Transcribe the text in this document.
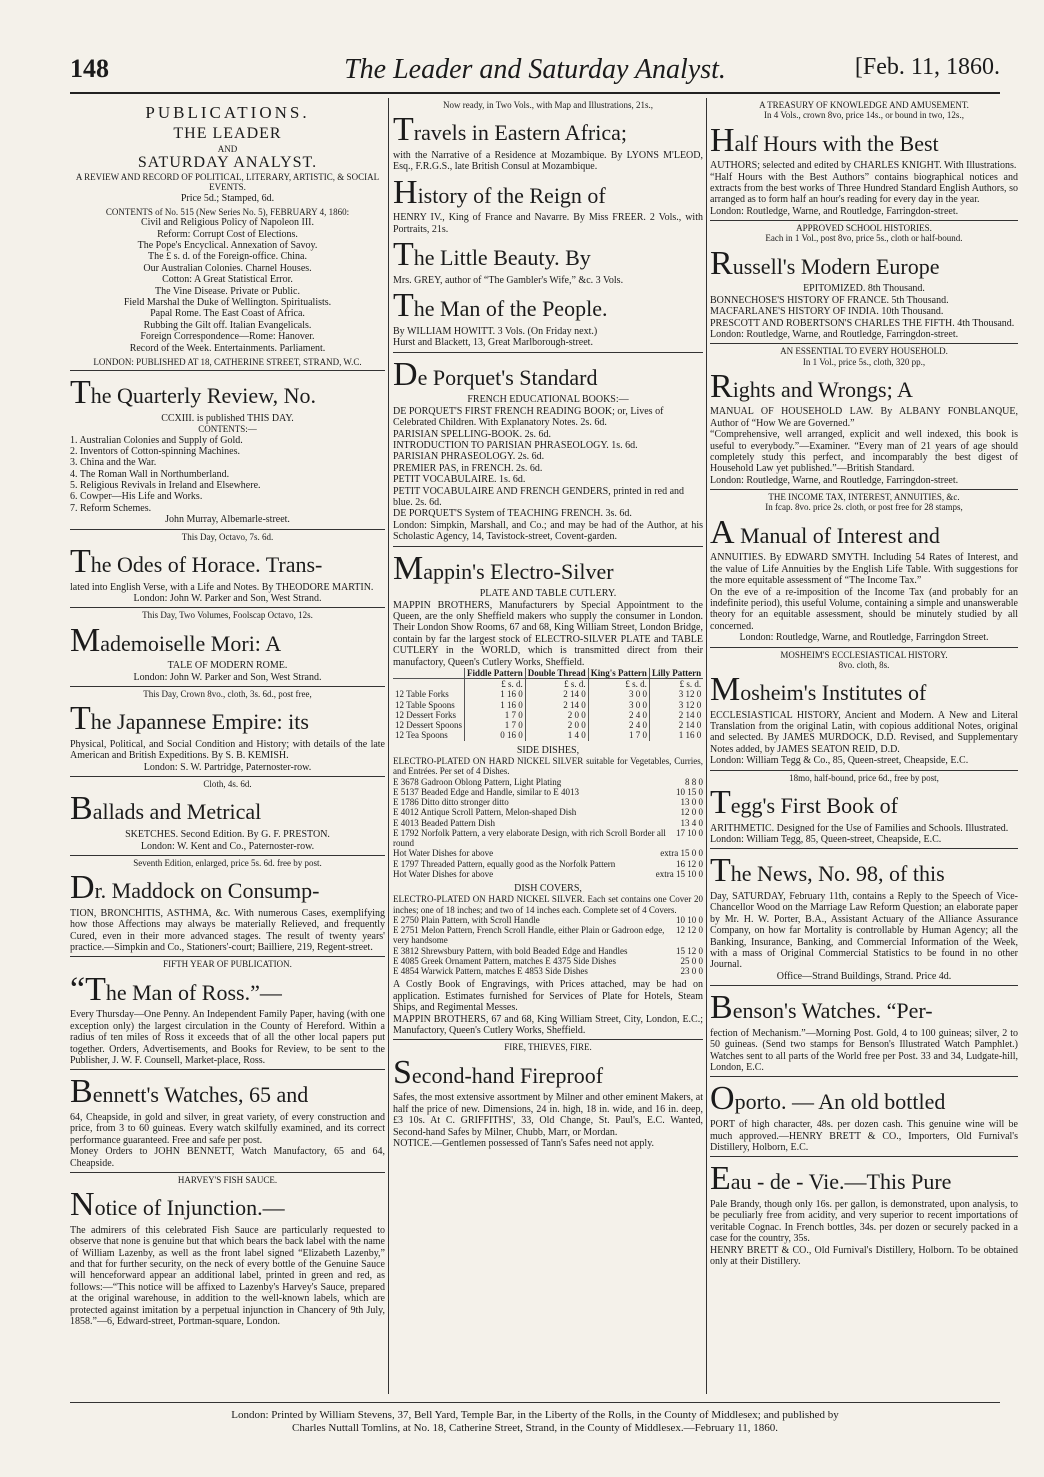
148	The Leader and Saturday Analyst.	[Feb. 11, 1860.
PUBLICATIONS.
THE LEADER
AND
SATURDAY ANALYST.
A REVIEW AND RECORD OF POLITICAL, LITERARY, ARTISTIC, & SOCIAL EVENTS.
Price 5d.; Stamped, 6d.
CONTENTS of No. 515 (New Series No. 5), FEBRUARY 4, 1860:
Civil and Religious Policy of Napoleon III.
Reform: Corrupt Cost of Elections.
The Pope's Encyclical. Annexation of Savoy.
The £ s. d. of the Foreign-office. China.
Our Australian Colonies. Charnel Houses.
Cotton: A Great Statistical Error.
The Vine Disease. Private or Public.
Field Marshal the Duke of Wellington. Spiritualists.
Papal Rome. The East Coast of Africa.
Rubbing the Gilt off. Italian Evangelicals.
Foreign Correspondence—Rome: Hanover.
Record of the Week. Entertainments. Parliament.
LONDON: PUBLISHED AT 18, CATHERINE STREET, STRAND, W.C.
The Quarterly Review, No.
CCXIII. is published THIS DAY.
CONTENTS:—
1. Australian Colonies and Supply of Gold.
2. Inventors of Cotton-spinning Machines.
3. China and the War.
4. The Roman Wall in Northumberland.
5. Religious Revivals in Ireland and Elsewhere.
6. Cowper—His Life and Works.
7. Reform Schemes.
John Murray, Albemarle-street.
This Day, Octavo, 7s. 6d.
The Odes of Horace. Trans-
lated into English Verse, with a Life and Notes. By THEODORE MARTIN.
London: John W. Parker and Son, West Strand.
This Day, Two Volumes, Foolscap Octavo, 12s.
Mademoiselle Mori: A
TALE OF MODERN ROME.
London: John W. Parker and Son, West Strand.
This Day, Crown 8vo., cloth, 3s. 6d., post free,
The Japannese Empire: its
Physical, Political, and Social Condition and History; with details of the late American and British Expeditions. By S. B. KEMISH.
London: S. W. Partridge, Paternoster-row.
Cloth, 4s. 6d.
Ballads and Metrical
SKETCHES. Second Edition. By G. F. PRESTON.
London: W. Kent and Co., Paternoster-row.
Seventh Edition, enlarged, price 5s. 6d. free by post.
Dr. Maddock on Consump-
TION, BRONCHITIS, ASTHMA, &c. With numerous Cases, exemplifying how those Affections may always be materially Relieved, and frequently Cured, even in their more advanced stages. The result of twenty years' practice.—Simpkin and Co., Stationers'-court; Bailliere, 219, Regent-street.
FIFTH YEAR OF PUBLICATION.
“The Man of Ross.”—
Every Thursday—One Penny. An Independent Family Paper, having (with one exception only) the largest circulation in the County of Hereford. Within a radius of ten miles of Ross it exceeds that of all the other local papers put together. Orders, Advertisements, and Books for Review, to be sent to the Publisher, J. W. F. Counsell, Market-place, Ross.
Bennett's Watches, 65 and
64, Cheapside, in gold and silver, in great variety, of every construction and price, from 3 to 60 guineas. Every watch skilfully examined, and its correct performance guaranteed. Free and safe per post.
Money Orders to JOHN BENNETT, Watch Manufactory, 65 and 64, Cheapside.
HARVEY'S FISH SAUCE.
Notice of Injunction.—
The admirers of this celebrated Fish Sauce are particularly requested to observe that none is genuine but that which bears the back label with the name of William Lazenby, as well as the front label signed “Elizabeth Lazenby,” and that for further security, on the neck of every bottle of the Genuine Sauce will henceforward appear an additional label, printed in green and red, as follows:—“This notice will be affixed to Lazenby's Harvey's Sauce, prepared at the original warehouse, in addition to the well-known labels, which are protected against imitation by a perpetual injunction in Chancery of 9th July, 1858.”—6, Edward-street, Portman-square, London.
Now ready, in Two Vols., with Map and Illustrations, 21s.,
Travels in Eastern Africa;
with the Narrative of a Residence at Mozambique. By LYONS M'LEOD, Esq., F.R.G.S., late British Consul at Mozambique.
History of the Reign of
HENRY IV., King of France and Navarre. By Miss FREER. 2 Vols., with Portraits, 21s.
The Little Beauty. By
Mrs. GREY, author of “The Gambler's Wife,” &c. 3 Vols.
The Man of the People.
By WILLIAM HOWITT. 3 Vols. (On Friday next.)
Hurst and Blackett, 13, Great Marlborough-street.
De Porquet's Standard
FRENCH EDUCATIONAL BOOKS:—
DE PORQUET'S FIRST FRENCH READING BOOK; or, Lives of Celebrated Children. With Explanatory Notes. 2s. 6d.
PARISIAN SPELLING-BOOK. 2s. 6d.
INTRODUCTION TO PARISIAN PHRASEOLOGY. 1s. 6d.
PARISIAN PHRASEOLOGY. 2s. 6d.
PREMIER PAS, in FRENCH. 2s. 6d.
PETIT VOCABULAIRE. 1s. 6d.
PETIT VOCABULAIRE AND FRENCH GENDERS, printed in red and blue. 2s. 6d.
DE PORQUET'S System of TEACHING FRENCH. 3s. 6d.
London: Simpkin, Marshall, and Co.; and may be had of the Author, at his Scholastic Agency, 14, Tavistock-street, Covent-garden.
Mappin's Electro-Silver
PLATE AND TABLE CUTLERY.
MAPPIN BROTHERS, Manufacturers by Special Appointment to the Queen, are the only Sheffield makers who supply the consumer in London. Their London Show Rooms, 67 and 68, King William Street, London Bridge, contain by far the largest stock of ELECTRO-SILVER PLATE and TABLE CUTLERY in the WORLD, which is transmitted direct from their manufactory, Queen's Cutlery Works, Sheffield.
	Fiddle Pattern	Double Thread	King's Pattern	Lilly Pattern
	£ s. d.	£ s. d.	£ s. d.	£ s. d.
12 Table Forks	1 16 0	2 14 0	3 0 0	3 12 0
12 Table Spoons	1 16 0	2 14 0	3 0 0	3 12 0
12 Dessert Forks	1 7 0	2 0 0	2 4 0	2 14 0
12 Dessert Spoons	1 7 0	2 0 0	2 4 0	2 14 0
12 Tea Spoons	0 16 0	1 4 0	1 7 0	1 16 0
SIDE DISHES,
ELECTRO-PLATED ON HARD NICKEL SILVER suitable for Vegetables, Curries, and Entrées. Per set of 4 Dishes.
E 3678 Gadroon Oblong Pattern, Light Plating	8 8 0
E 5137 Beaded Edge and Handle, similar to E 4013	10 15 0
E 1786 Ditto ditto stronger ditto	13 0 0
E 4012 Antique Scroll Pattern, Melon-shaped Dish	12 0 0
E 4013 Beaded Pattern Dish	13 4 0
E 1792 Norfolk Pattern, a very elaborate Design, with rich Scroll Border all round
17 10 0
Hot Water Dishes for above	extra 15 0 0
E 1797 Threaded Pattern, equally good as the Norfolk Pattern	16 12 0
Hot Water Dishes for above	extra 15 10 0
DISH COVERS,
ELECTRO-PLATED ON HARD NICKEL SILVER. Each set contains one Cover 20 inches; one of 18 inches; and two of 14 inches each. Complete set of 4 Covers.
E 2750 Plain Pattern, with Scroll Handle	10 10 0
E 2751 Melon Pattern, French Scroll Handle, either Plain or Gadroon edge, very handsome
12 12 0
E 3812 Shrewsbury Pattern, with bold Beaded Edge and Handles	15 12 0
E 4085 Greek Ornament Pattern, matches E 4375 Side Dishes	25 0 0
E 4854 Warwick Pattern, matches E 4853 Side Dishes	23 0 0
A Costly Book of Engravings, with Prices attached, may be had on application. Estimates furnished for Services of Plate for Hotels, Steam Ships, and Regimental Messes.
MAPPIN BROTHERS, 67 and 68, King William Street, City, London, E.C.; Manufactory, Queen's Cutlery Works, Sheffield.
FIRE, THIEVES, FIRE.
Second-hand Fireproof
Safes, the most extensive assortment by Milner and other eminent Makers, at half the price of new. Dimensions, 24 in. high, 18 in. wide, and 16 in. deep, £3 10s. At C. GRIFFITHS', 33, Old Change, St. Paul's, E.C. Wanted, Second-hand Safes by Milner, Chubb, Marr, or Mordan.
NOTICE.—Gentlemen possessed of Tann's Safes need not apply.
A TREASURY OF KNOWLEDGE AND AMUSEMENT.
In 4 Vols., crown 8vo, price 14s., or bound in two, 12s.,
Half Hours with the Best
AUTHORS; selected and edited by CHARLES KNIGHT. With Illustrations.
“Half Hours with the Best Authors” contains biographical notices and extracts from the best works of Three Hundred Standard English Authors, so arranged as to form half an hour's reading for every day in the year.
London: Routledge, Warne, and Routledge, Farringdon-street.
APPROVED SCHOOL HISTORIES.
Each in 1 Vol., post 8vo, price 5s., cloth or half-bound.
Russell's Modern Europe
EPITOMIZED. 8th Thousand.
BONNECHOSE'S HISTORY OF FRANCE. 5th Thousand.
MACFARLANE'S HISTORY OF INDIA. 10th Thousand.
PRESCOTT AND ROBERTSON'S CHARLES THE FIFTH. 4th Thousand.
London: Routledge, Warne, and Routledge, Farringdon-street.
AN ESSENTIAL TO EVERY HOUSEHOLD.
In 1 Vol., price 5s., cloth, 320 pp.,
Rights and Wrongs; A
MANUAL OF HOUSEHOLD LAW. By ALBANY FONBLANQUE, Author of “How We are Governed.”
“Comprehensive, well arranged, explicit and well indexed, this book is useful to everybody.”—Examiner. “Every man of 21 years of age should completely study this perfect, and incomparably the best digest of Household Law yet published.”—British Standard.
London: Routledge, Warne, and Routledge, Farringdon-street.
THE INCOME TAX, INTEREST, ANNUITIES, &c.
In fcap. 8vo. price 2s. cloth, or post free for 28 stamps,
A Manual of Interest and
ANNUITIES. By EDWARD SMYTH. Including 54 Rates of Interest, and the value of Life Annuities by the English Life Table. With suggestions for the more equitable assessment of “The Income Tax.”
On the eve of a re-imposition of the Income Tax (and probably for an indefinite period), this useful Volume, containing a simple and unanswerable theory for an equitable assessment, should be minutely studied by all concerned.
London: Routledge, Warne, and Routledge, Farringdon Street.
MOSHEIM'S ECCLESIASTICAL HISTORY.
8vo. cloth, 8s.
Mosheim's Institutes of
ECCLESIASTICAL HISTORY, Ancient and Modern. A New and Literal Translation from the original Latin, with copious additional Notes, original and selected. By JAMES MURDOCK, D.D. Revised, and Supplementary Notes added, by JAMES SEATON REID, D.D.
London: William Tegg & Co., 85, Queen-street, Cheapside, E.C.
18mo, half-bound, price 6d., free by post,
Tegg's First Book of
ARITHMETIC. Designed for the Use of Families and Schools. Illustrated.
London: William Tegg, 85, Queen-street, Cheapside, E.C.
The News, No. 98, of this
Day, SATURDAY, February 11th, contains a Reply to the Speech of Vice-Chancellor Wood on the Marriage Law Reform Question; an elaborate paper by Mr. H. W. Porter, B.A., Assistant Actuary of the Alliance Assurance Company, on how far Mortality is controllable by Human Agency; all the Banking, Insurance, Banking, and Commercial Information of the Week, with a mass of Original Commercial Statistics to be found in no other Journal.
Office—Strand Buildings, Strand. Price 4d.
Benson's Watches. “Per-
fection of Mechanism.”—Morning Post. Gold, 4 to 100 guineas; silver, 2 to 50 guineas. (Send two stamps for Benson's Illustrated Watch Pamphlet.) Watches sent to all parts of the World free per Post. 33 and 34, Ludgate-hill, London, E.C.
Oporto. — An old bottled
PORT of high character, 48s. per dozen cash. This genuine wine will be much approved.—HENRY BRETT & CO., Importers, Old Furnival's Distillery, Holborn, E.C.
Eau - de - Vie.—This Pure
Pale Brandy, though only 16s. per gallon, is demonstrated, upon analysis, to be peculiarly free from acidity, and very superior to recent importations of veritable Cognac. In French bottles, 34s. per dozen or securely packed in a case for the country, 35s.
HENRY BRETT & CO., Old Furnival's Distillery, Holborn. To be obtained only at their Distillery.
London: Printed by William Stevens, 37, Bell Yard, Temple Bar, in the Liberty of the Rolls, in the County of Middlesex; and published by
Charles Nuttall Tomlins, at No. 18, Catherine Street, Strand, in the County of Middlesex.—February 11, 1860.
